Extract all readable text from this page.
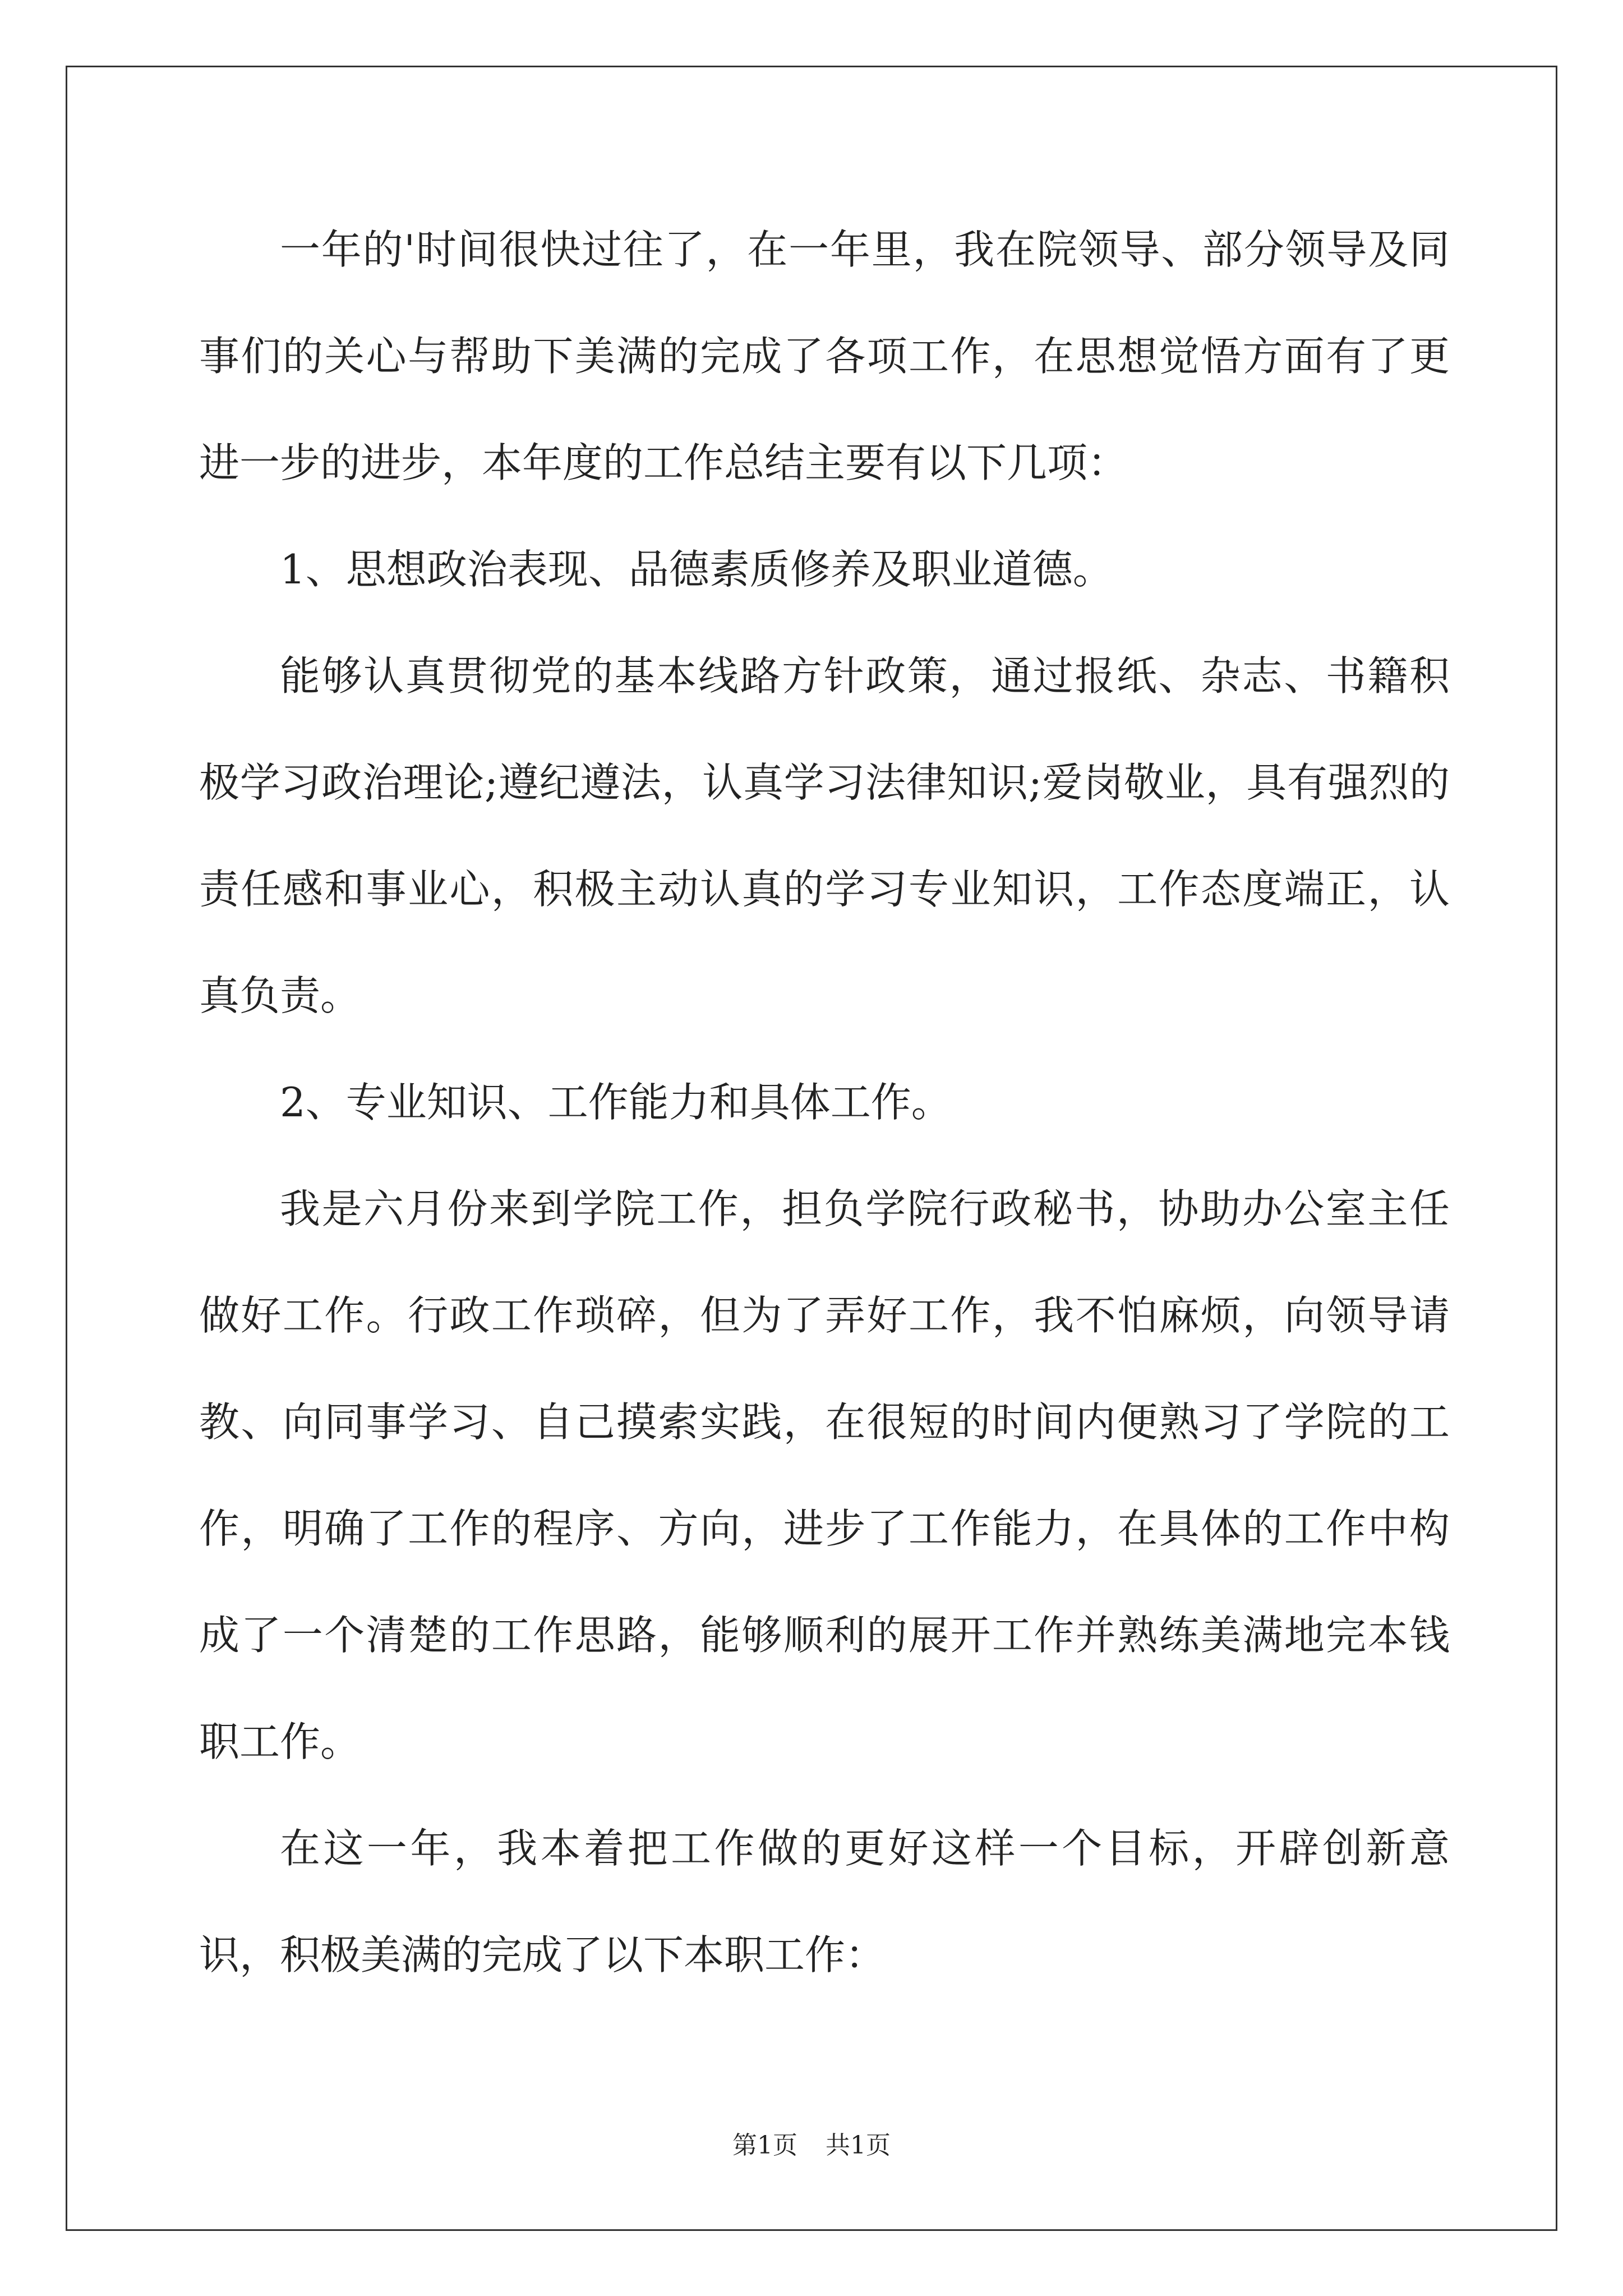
一年的'时间很快过往了，在一年里，我在院领导、部分领导及同事们的关心与帮助下美满的完成了各项工作，在思想觉悟方面有了更进一步的进步，本年度的工作总结主要有以下几项：

1、思想政治表现、品德素质修养及职业道德。

能够认真贯彻党的基本线路方针政策，通过报纸、杂志、书籍积极学习政治理论;遵纪遵法，认真学习法律知识;爱岗敬业，具有强烈的责任感和事业心，积极主动认真的学习专业知识，工作态度端正，认真负责。

2、专业知识、工作能力和具体工作。

我是六月份来到学院工作，担负学院行政秘书，协助办公室主任做好工作。行政工作琐碎，但为了弄好工作，我不怕麻烦，向领导请教、向同事学习、自己摸索实践，在很短的时间内便熟习了学院的工作，明确了工作的程序、方向，进步了工作能力，在具体的工作中构成了一个清楚的工作思路，能够顺利的展开工作并熟练美满地完本钱职工作。

在这一年，我本着把工作做的更好这样一个目标，开辟创新意识，积极美满的完成了以下本职工作：

第1页 共1页
